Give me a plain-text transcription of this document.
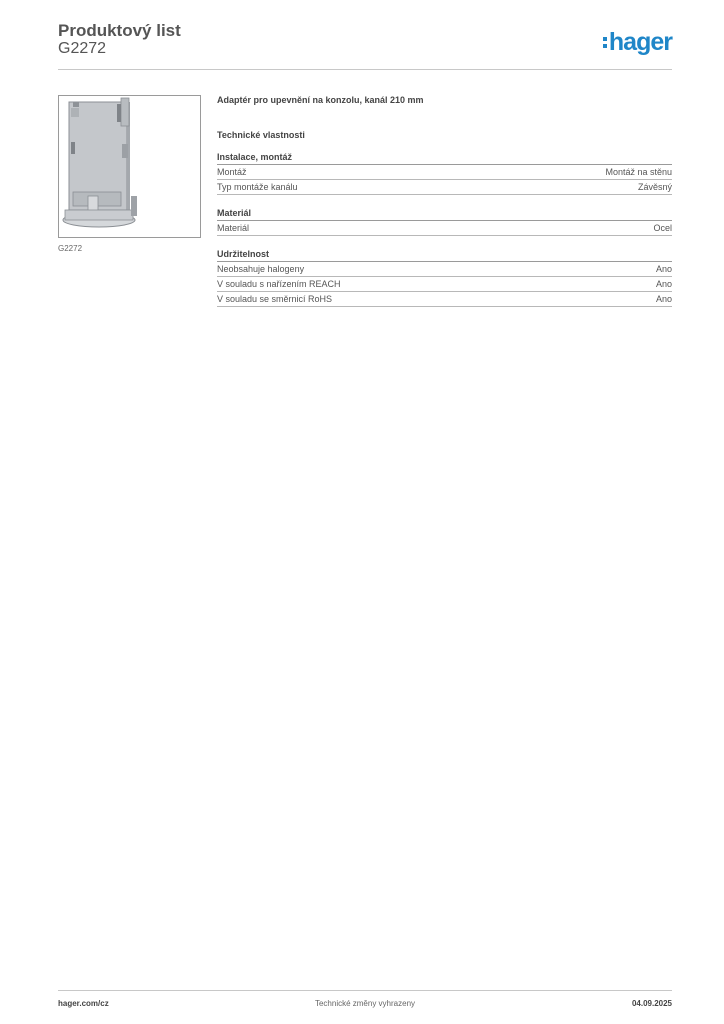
Produktový list
G2272	hager
G2272
Adaptér pro upevnění na konzolu, kanál 210 mm
Technické vlastnosti
Instalace, montáž
Montáž	Montáž na stěnu
Typ montáže kanálu	Závěsný
Materiál
Materiál	Ocel
Udržitelnost
Neobsahuje halogeny	Ano
V souladu s nařízením REACH	Ano
V souladu se směrnicí RoHS	Ano
hager.com/cz	Technické změny vyhrazeny	04.09.2025
